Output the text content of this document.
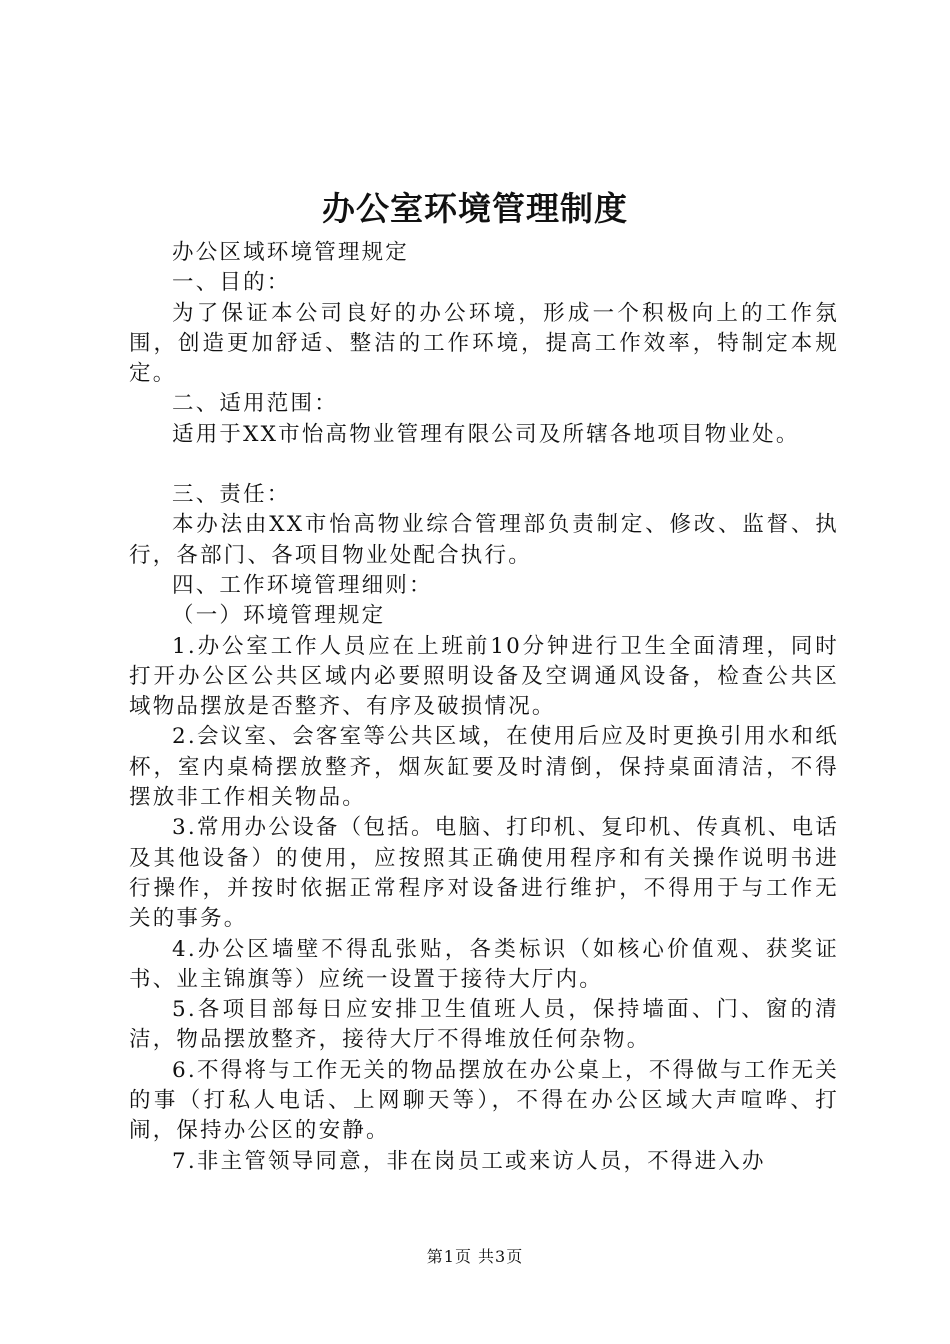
办公室环境管理制度

办公区域环境管理规定

一、目的：

为了保证本公司良好的办公环境，形成一个积极向上的工作氛围，创造更加舒适、整洁的工作环境，提高工作效率，特制定本规定。

二、适用范围：

适用于XX市怡高物业管理有限公司及所辖各地项目物业处。

三、责任：

本办法由XX市怡高物业综合管理部负责制定、修改、监督、执行，各部门、各项目物业处配合执行。

四、工作环境管理细则：

（一）环境管理规定

1.办公室工作人员应在上班前10分钟进行卫生全面清理，同时打开办公区公共区域内必要照明设备及空调通风设备，检查公共区域物品摆放是否整齐、有序及破损情况。

2.会议室、会客室等公共区域，在使用后应及时更换引用水和纸杯，室内桌椅摆放整齐，烟灰缸要及时清倒，保持桌面清洁，不得摆放非工作相关物品。

3.常用办公设备（包括。电脑、打印机、复印机、传真机、电话及其他设备）的使用，应按照其正确使用程序和有关操作说明书进行操作，并按时依据正常程序对设备进行维护，不得用于与工作无关的事务。

4.办公区墙壁不得乱张贴，各类标识（如核心价值观、获奖证书、业主锦旗等）应统一设置于接待大厅内。

5.各项目部每日应安排卫生值班人员，保持墙面、门、窗的清洁，物品摆放整齐，接待大厅不得堆放任何杂物。

6.不得将与工作无关的物品摆放在办公桌上，不得做与工作无关的事（打私人电话、上网聊天等），不得在办公区域大声喧哗、打闹，保持办公区的安静。

7.非主管领导同意，非在岗员工或来访人员，不得进入办

第1页 共3页
